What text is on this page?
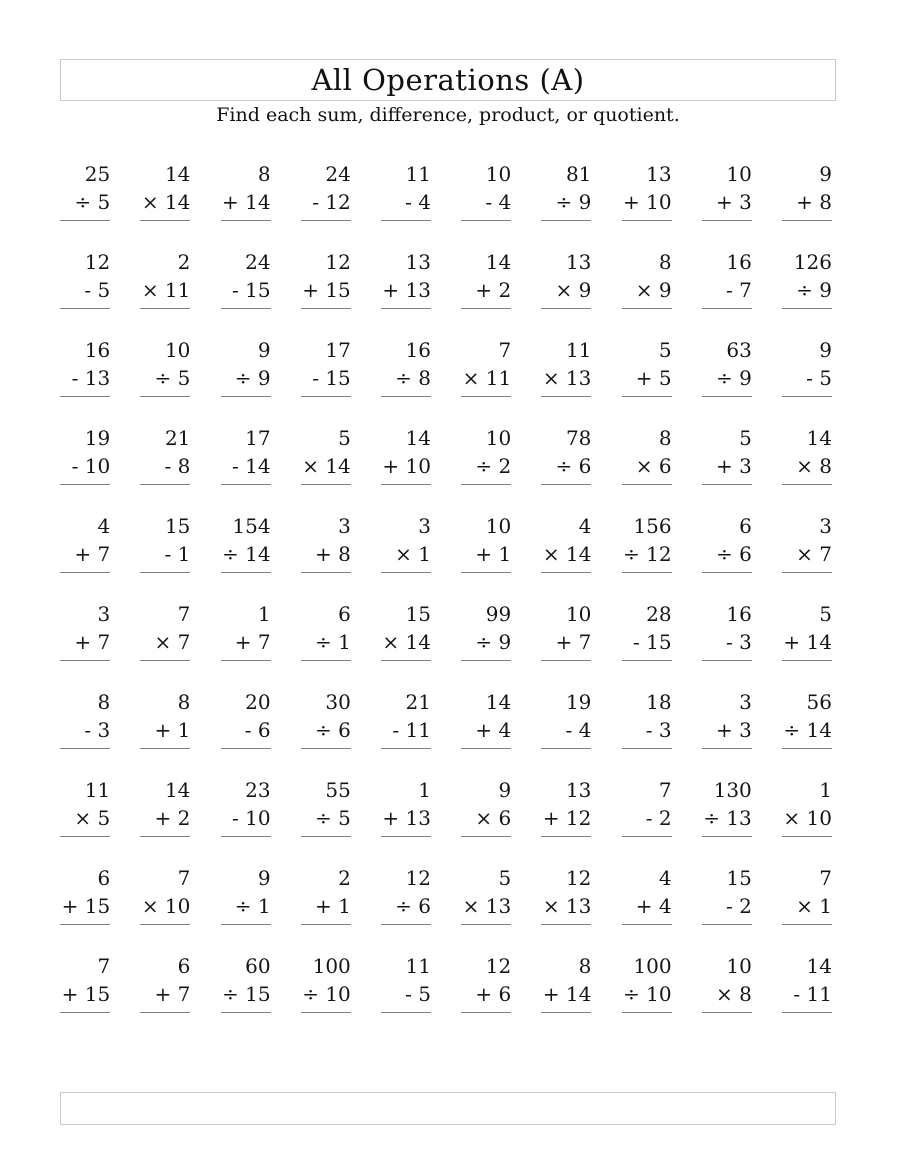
All Operations (A)

Find each sum, difference, product, or quotient.

25
÷ 5
14
× 14
8
+ 14
24
- 12
11
- 4
10
- 4
81
÷ 9
13
+ 10
10
+ 3
9
+ 8
12
- 5
2
× 11
24
- 15
12
+ 15
13
+ 13
14
+ 2
13
× 9
8
× 9
16
- 7
126
÷ 9
16
- 13
10
÷ 5
9
÷ 9
17
- 15
16
÷ 8
7
× 11
11
× 13
5
+ 5
63
÷ 9
9
- 5
19
- 10
21
- 8
17
- 14
5
× 14
14
+ 10
10
÷ 2
78
÷ 6
8
× 6
5
+ 3
14
× 8
4
+ 7
15
- 1
154
÷ 14
3
+ 8
3
× 1
10
+ 1
4
× 14
156
÷ 12
6
÷ 6
3
× 7
3
+ 7
7
× 7
1
+ 7
6
÷ 1
15
× 14
99
÷ 9
10
+ 7
28
- 15
16
- 3
5
+ 14
8
- 3
8
+ 1
20
- 6
30
÷ 6
21
- 11
14
+ 4
19
- 4
18
- 3
3
+ 3
56
÷ 14
11
× 5
14
+ 2
23
- 10
55
÷ 5
1
+ 13
9
× 6
13
+ 12
7
- 2
130
÷ 13
1
× 10
6
+ 15
7
× 10
9
÷ 1
2
+ 1
12
÷ 6
5
× 13
12
× 13
4
+ 4
15
- 2
7
× 1
7
+ 15
6
+ 7
60
÷ 15
100
÷ 10
11
- 5
12
+ 6
8
+ 14
100
÷ 10
10
× 8
14
- 11
